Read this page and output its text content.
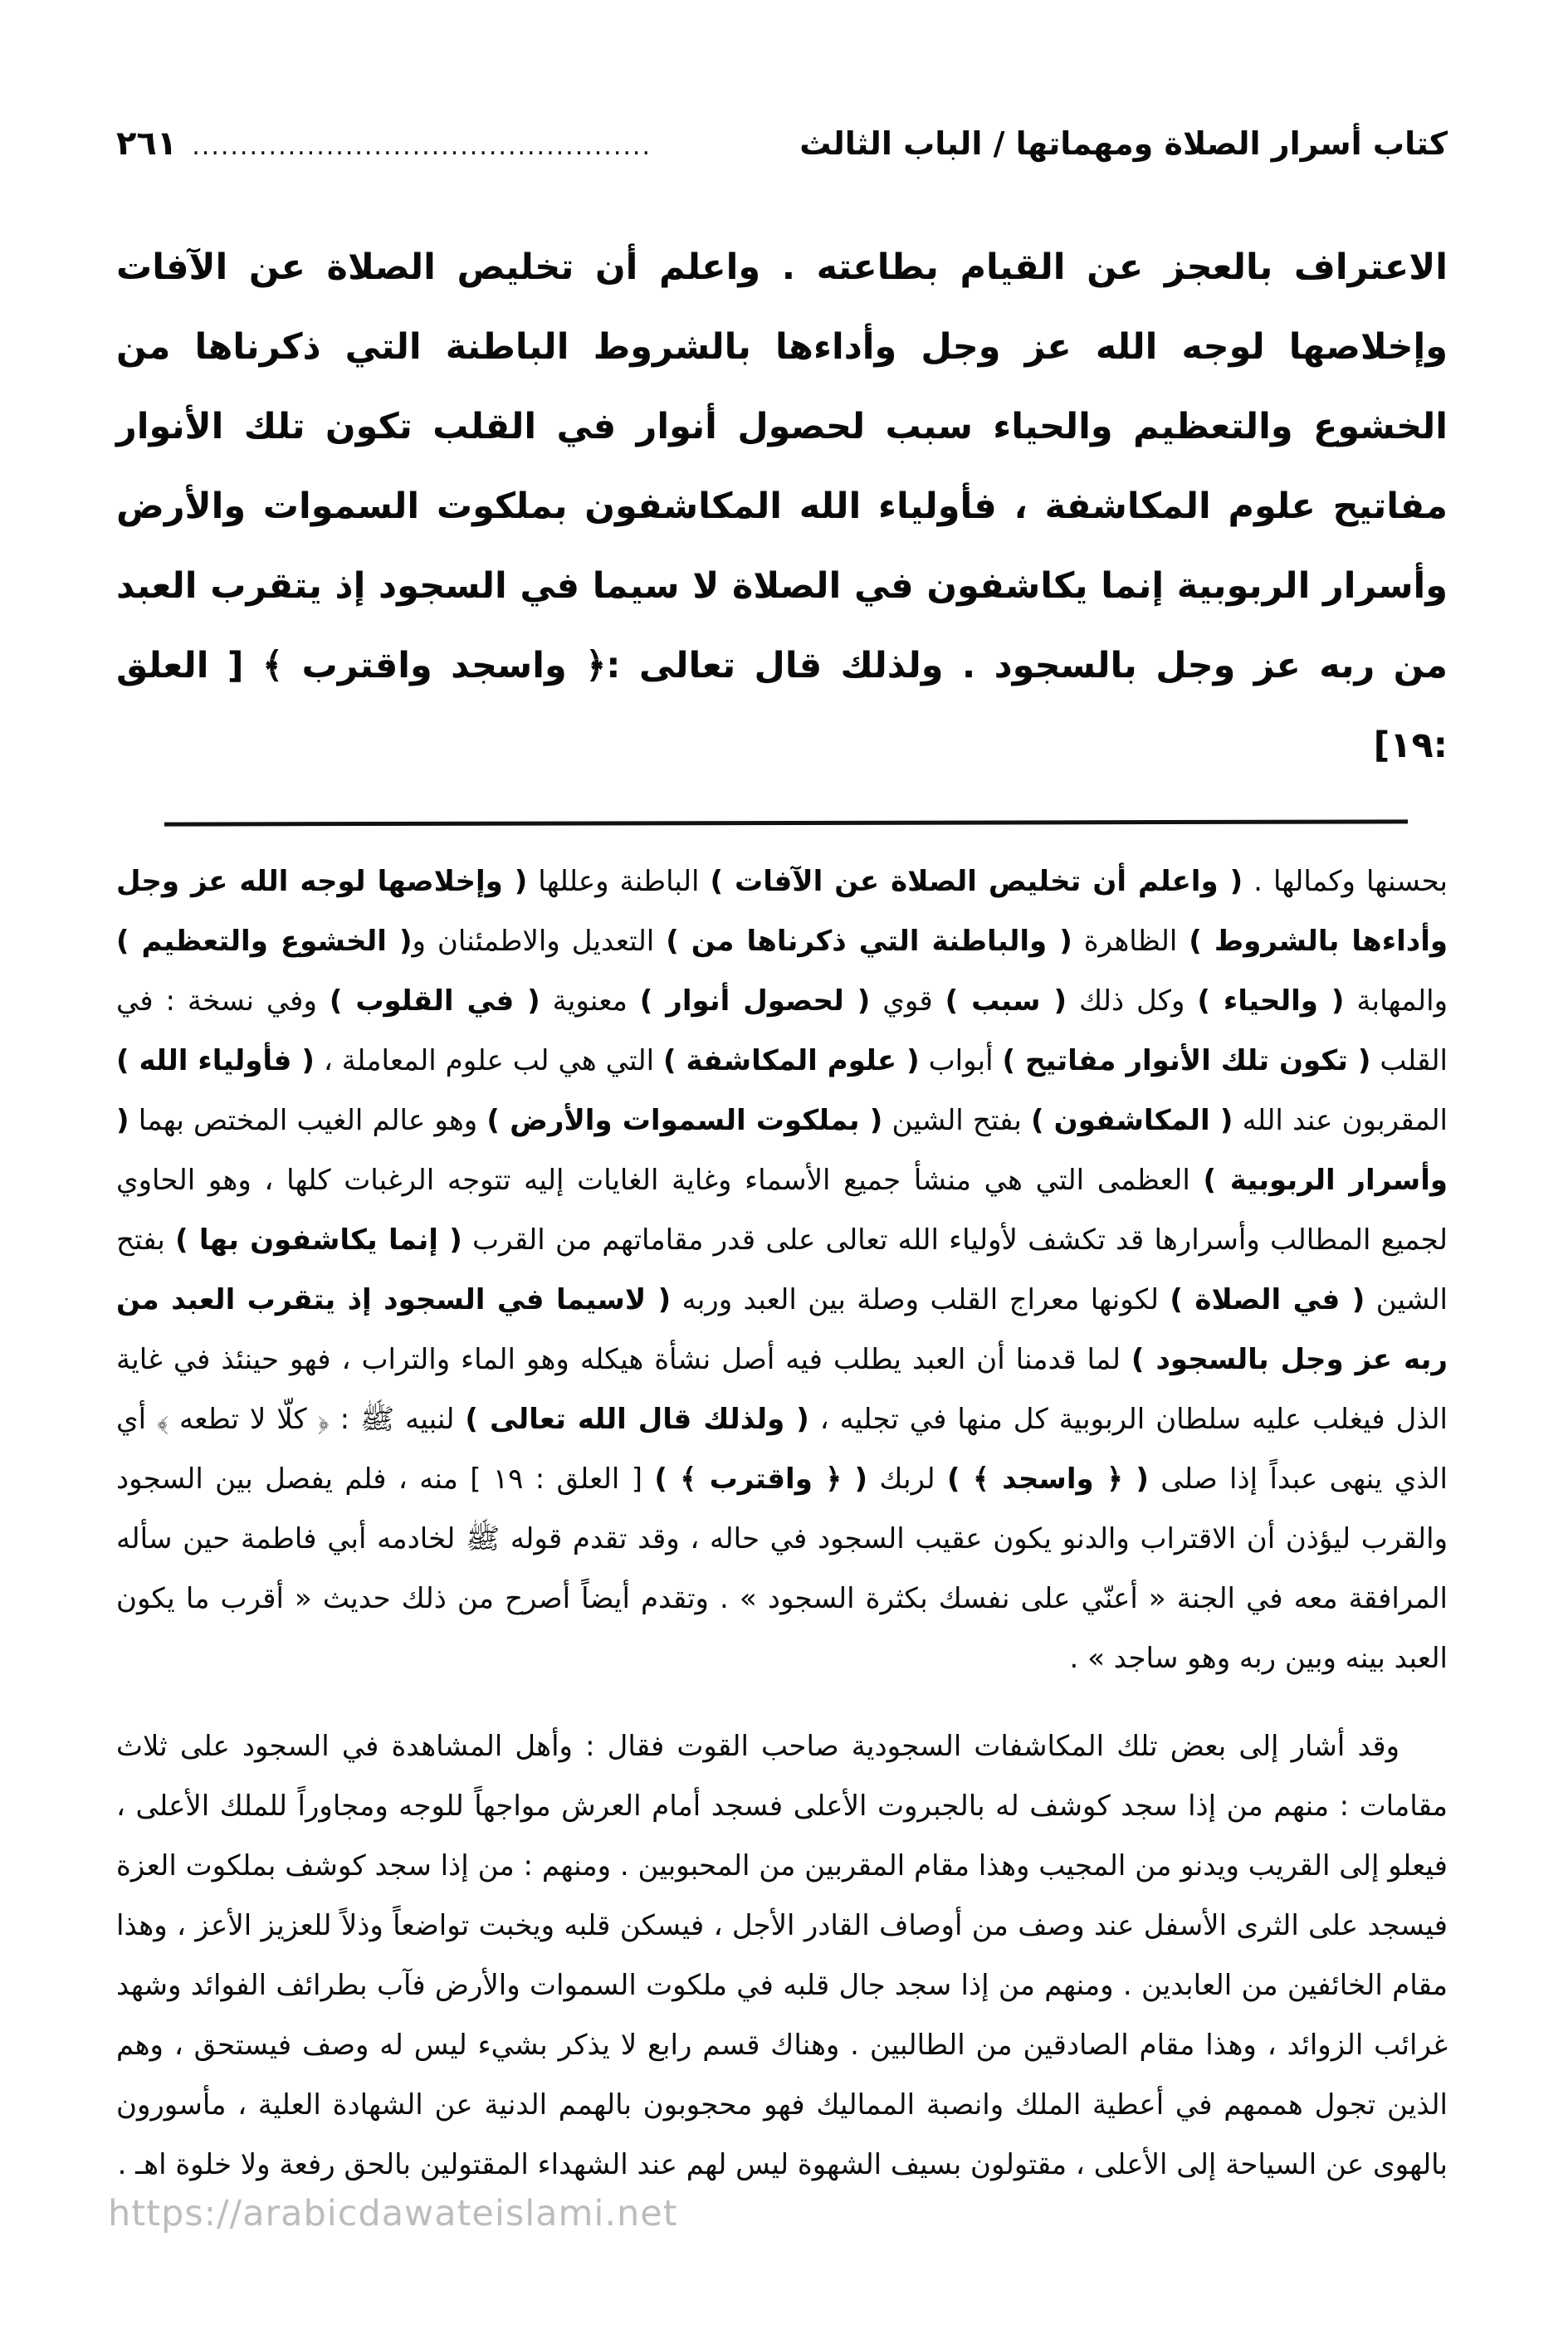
كتاب أسرار الصلاة ومهماتها / الباب الثالث
................................................
٢٦١

الاعتراف بالعجز عن القيام بطاعته . واعلم أن تخليص الصلاة عن الآفات وإخلاصها لوجه الله عز وجل وأداءها بالشروط الباطنة التي ذكرناها من الخشوع والتعظيم والحياء سبب لحصول أنوار في القلب تكون تلك الأنوار مفاتيح علوم المكاشفة ، فأولياء الله المكاشفون بملكوت السموات والأرض وأسرار الربوبية إنما يكاشفون في الصلاة لا سيما في السجود إذ يتقرب العبد من ربه عز وجل بالسجود . ولذلك قال تعالى :﴿ واسجد واقترب ﴾ [ العلق :١٩]

بحسنها وكمالها . ( واعلم أن تخليص الصلاة عن الآفات ) الباطنة وعللها ( وإخلاصها لوجه الله عز وجل وأداءها بالشروط ) الظاهرة ( والباطنة التي ذكرناها من ) التعديل والاطمئنان و( الخشوع والتعظيم ) والمهابة ( والحياء ) وكل ذلك ( سبب ) قوي ( لحصول أنوار ) معنوية ( في القلوب ) وفي نسخة : في القلب ( تكون تلك الأنوار مفاتيح ) أبواب ( علوم المكاشفة ) التي هي لب علوم المعاملة ، ( فأولياء الله ) المقربون عند الله ( المكاشفون ) بفتح الشين ( بملكوت السموات والأرض ) وهو عالم الغيب المختص بهما ( وأسرار الربوبية ) العظمى التي هي منشأ جميع الأسماء وغاية الغايات إليه تتوجه الرغبات كلها ، وهو الحاوي لجميع المطالب وأسرارها قد تكشف لأولياء الله تعالى على قدر مقاماتهم من القرب ( إنما يكاشفون بها ) بفتح الشين ( في الصلاة ) لكونها معراج القلب وصلة بين العبد وربه ( لاسيما في السجود إذ يتقرب العبد من ربه عز وجل بالسجود ) لما قدمنا أن العبد يطلب فيه أصل نشأة هيكله وهو الماء والتراب ، فهو حينئذ في غاية الذل فيغلب عليه سلطان الربوبية كل منها في تجليه ، ( ولذلك قال الله تعالى ) لنبيه ﷺ : ﴿ كلّا لا تطعه ﴾ أي الذي ينهى عبداً إذا صلى ( ﴿ واسجد ﴾ ) لربك ( ﴿ واقترب ﴾ ) [ العلق : ١٩ ] منه ، فلم يفصل بين السجود والقرب ليؤذن أن الاقتراب والدنو يكون عقيب السجود في حاله ، وقد تقدم قوله ﷺ لخادمه أبي فاطمة حين سأله المرافقة معه في الجنة « أعنّي على نفسك بكثرة السجود » . وتقدم أيضاً أصرح من ذلك حديث « أقرب ما يكون العبد بينه وبين ربه وهو ساجد » .

وقد أشار إلى بعض تلك المكاشفات السجودية صاحب القوت فقال : وأهل المشاهدة في السجود على ثلاث مقامات : منهم من إذا سجد كوشف له بالجبروت الأعلى فسجد أمام العرش مواجهاً للوجه ومجاوراً للملك الأعلى ، فيعلو إلى القريب ويدنو من المجيب وهذا مقام المقربين من المحبوبين . ومنهم : من إذا سجد كوشف بملكوت العزة فيسجد على الثرى الأسفل عند وصف من أوصاف القادر الأجل ، فيسكن قلبه ويخبت تواضعاً وذلاً للعزيز الأعز ، وهذا مقام الخائفين من العابدين . ومنهم من إذا سجد جال قلبه في ملكوت السموات والأرض فآب بطرائف الفوائد وشهد غرائب الزوائد ، وهذا مقام الصادقين من الطالبين . وهناك قسم رابع لا يذكر بشيء ليس له وصف فيستحق ، وهم الذين تجول هممهم في أعطية الملك وانصبة المماليك فهو محجوبون بالهمم الدنية عن الشهادة العلية ، مأسورون بالهوى عن السياحة إلى الأعلى ، مقتولون بسيف الشهوة ليس لهم عند الشهداء المقتولين بالحق رفعة ولا خلوة اهـ .

https://arabicdawateislami.net
